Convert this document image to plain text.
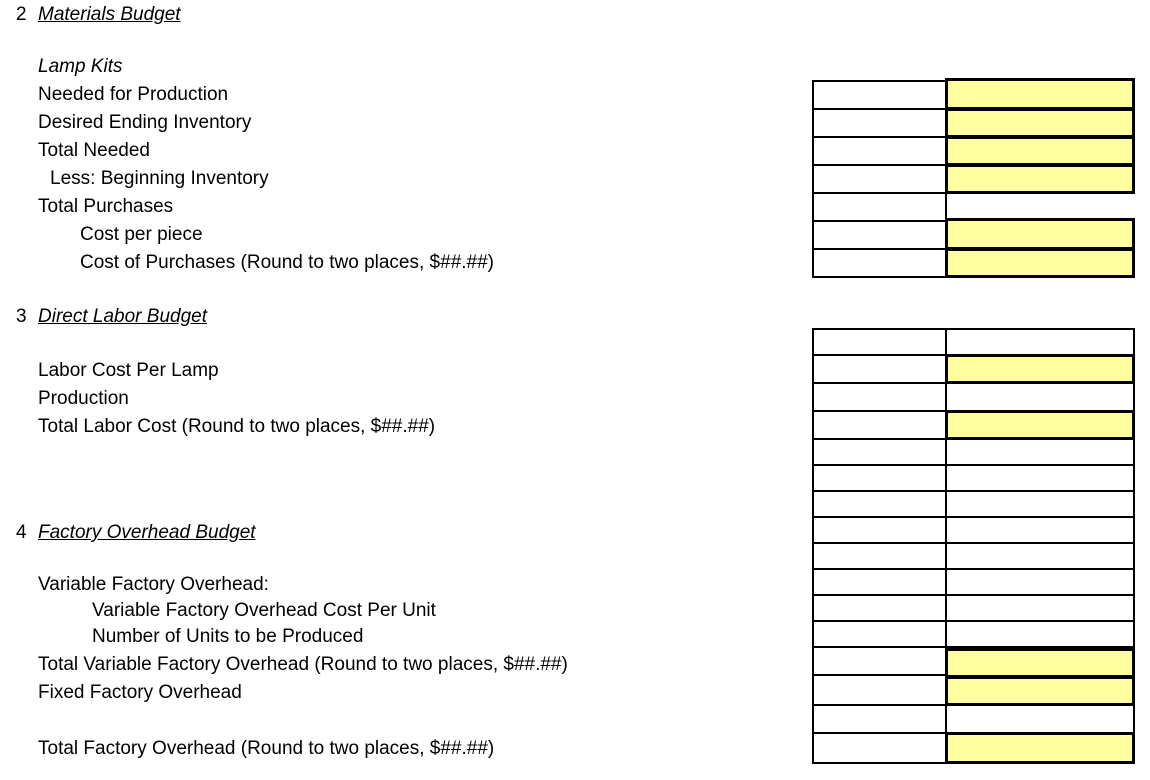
2 Materials Budget
Lamp Kits
Needed for Production
Desired Ending Inventory
Total Needed
Less: Beginning Inventory
Total Purchases
Cost per piece
Cost of Purchases (Round to two places, $##.##)
3 Direct Labor Budget
Labor Cost Per Lamp
Production
Total Labor Cost (Round to two places, $##.##)
4 Factory Overhead Budget
Variable Factory Overhead:
Variable Factory Overhead Cost Per Unit
Number of Units to be Produced
Total Variable Factory Overhead (Round to two places, $##.##)
Fixed Factory Overhead
Total Factory Overhead (Round to two places, $##.##)
